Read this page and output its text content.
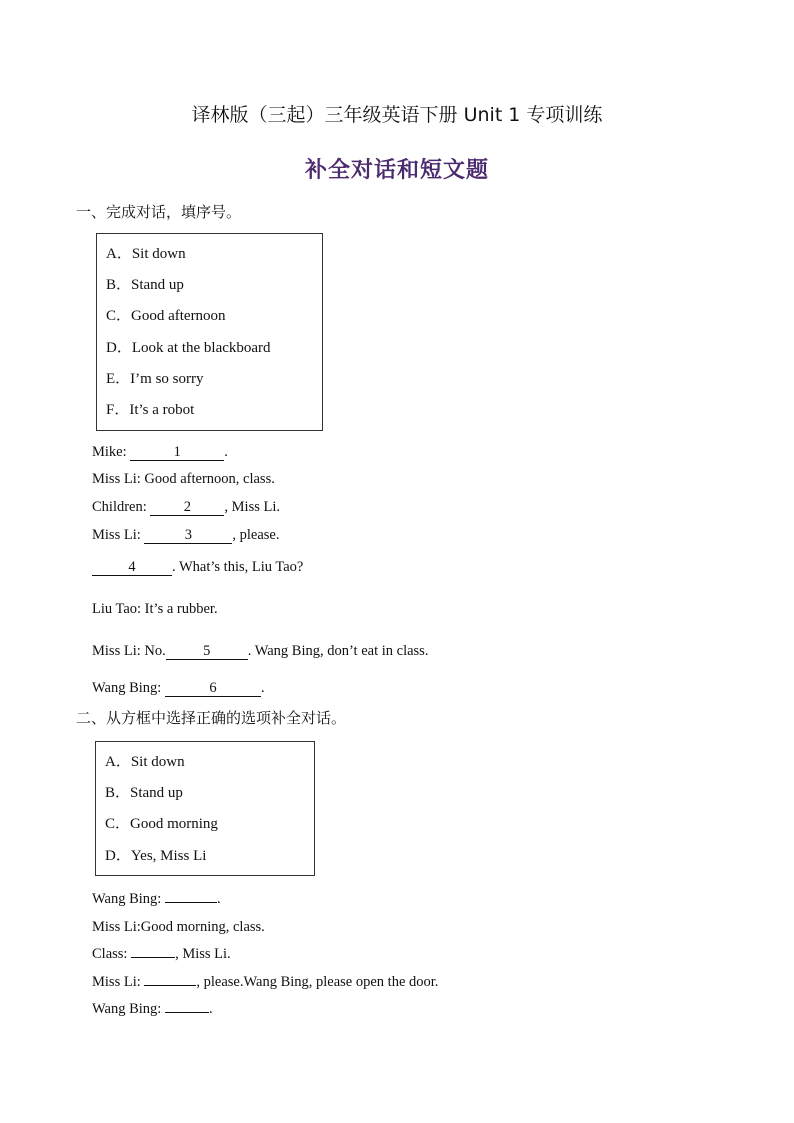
译林版（三起）三年级英语下册 Unit 1 专项训练
补全对话和短文题
一、完成对话，填序号。
A．Sit down
B．Stand up
C．Good afternoon
D．Look at the blackboard
E．I’m so sorry
F．It’s a robot
Mike:	1	.
Miss Li: Good afternoon, class.
Children: 2 , Miss Li.
Miss Li:	3	, please.
4	. What’s this, Liu Tao?
Liu Tao: It’s a rubber.
Miss Li: No.	5	. Wang Bing, don’t eat in class.
Wang Bing:	6	.
二、从方框中选择正确的选项补全对话。
A．Sit down
B．Stand up
C．Good morning
D．Yes, Miss Li
Wang Bing:	.
Miss Li:Good morning, class.
Class:	, Miss Li.
Miss Li:	, please.Wang Bing, please open the door.
Wang Bing:	.
